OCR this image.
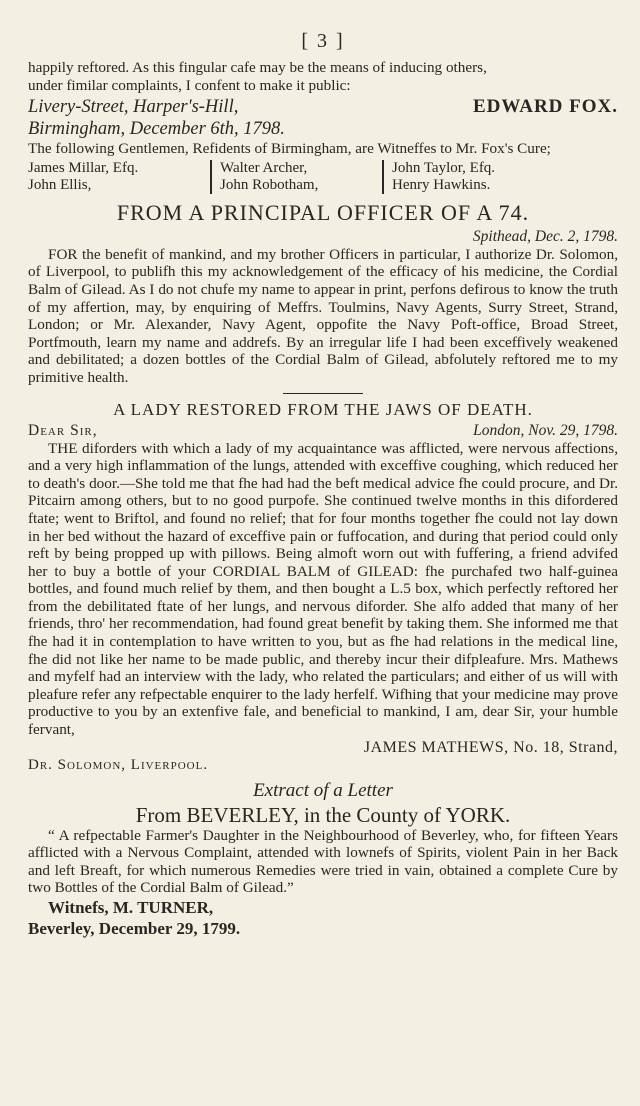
[ 3 ]

happily reftored. As this fingular cafe may be the means of inducing others,

under fimilar complaints, I confent to make it public:

Livery-Street, Harper's-Hill,	EDWARD FOX.
Birmingham, December 6th, 1798.

The following Gentlemen, Refidents of Birmingham, are Witneffes to Mr. Fox's Cure;

James Millar, Efq.
John Ellis,
Walter Archer,
John Robotham,
John Taylor, Efq.
Henry Hawkins.
FROM A PRINCIPAL OFFICER OF A 74.
Spithead, Dec. 2, 1798.

FOR the benefit of mankind, and my brother Officers in particular, I authorize Dr. Solomon, of Liverpool, to publifh this my acknowledgement of the efficacy of his medicine, the Cordial Balm of Gilead. As I do not chufe my name to appear in print, perfons defirous to know the truth of my affertion, may, by enquiring of Meffrs. Toulmins, Navy Agents, Surry Street, Strand, London; or Mr. Alexander, Navy Agent, oppofite the Navy Poft-office, Broad Street, Portfmouth, learn my name and addrefs. By an irregular life I had been exceffively weakened and debilitated; a dozen bottles of the Cordial Balm of Gilead, abfolutely reftored me to my primitive health.

A LADY RESTORED FROM THE JAWS OF DEATH.
Dear Sir,	London, Nov. 29, 1798.

THE diforders with which a lady of my acquaintance was afflicted, were nervous affections, and a very high inflammation of the lungs, attended with exceffive coughing, which reduced her to death's door.—She told me that fhe had had the beft medical advice fhe could procure, and Dr. Pitcairn among others, but to no good purpofe. She continued twelve months in this difordered ftate; went to Briftol, and found no relief; that for four months together fhe could not lay down in her bed without the hazard of exceffive pain or fuffocation, and during that period could only reft by being propped up with pillows. Being almoft worn out with fuffering, a friend advifed her to buy a bottle of your CORDIAL BALM of GILEAD: fhe purchafed two half-guinea bottles, and found much relief by them, and then bought a L.5 box, which perfectly reftored her from the debilitated ftate of her lungs, and nervous diforder. She alfo added that many of her friends, thro' her recommendation, had found great benefit by taking them. She informed me that fhe had it in contemplation to have written to you, but as fhe had relations in the medical line, fhe did not like her name to be made public, and thereby incur their difpleafure. Mrs. Mathews and myfelf had an interview with the lady, who related the particulars; and either of us will with pleafure refer any refpectable enquirer to the lady herfelf. Wifhing that your medicine may prove productive to you by an extenfive fale, and beneficial to mankind, I am, dear Sir, your humble fervant,

JAMES MATHEWS, No. 18, Strand,
Dr. Solomon, Liverpool.
Extract of a Letter
From BEVERLEY, in the County of YORK.

“ A refpectable Farmer's Daughter in the Neighbourhood of Beverley, who, for fifteen Years afflicted with a Nervous Complaint, attended with lownefs of Spirits, violent Pain in her Back and left Breaft, for which numerous Remedies were tried in vain, obtained a complete Cure by two Bottles of the Cordial Balm of Gilead.”

Witnefs, M. TURNER,
Beverley, December 29, 1799.
